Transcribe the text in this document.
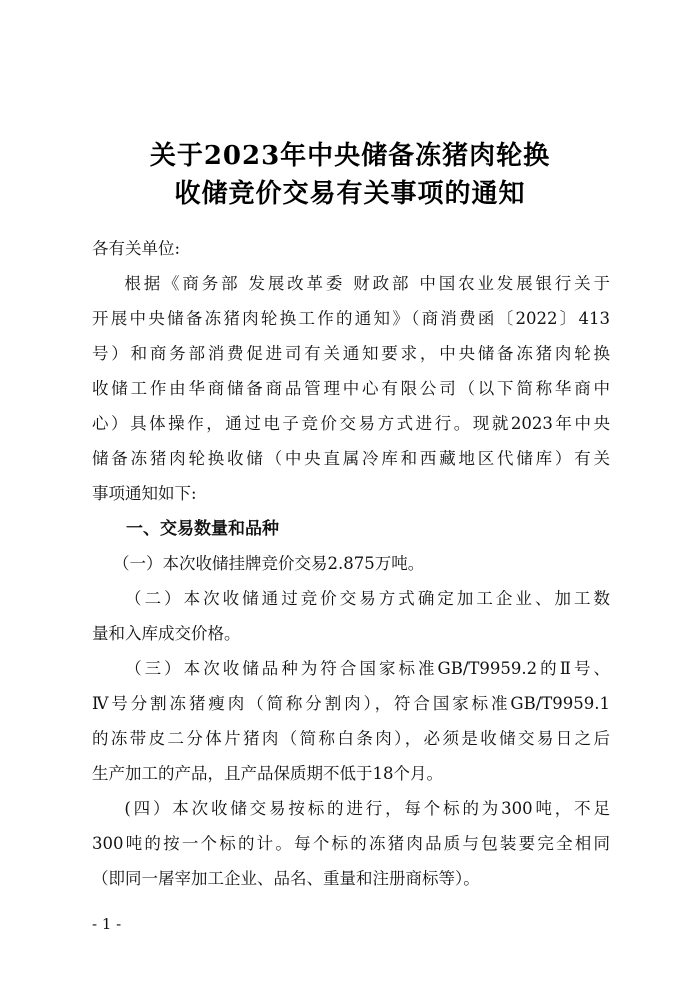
关于2023年中央储备冻猪肉轮换
收储竞价交易有关事项的通知
各有关单位:
根据《商务部 发展改革委 财政部 中国农业发展银行关于
开展中央储备冻猪肉轮换工作的通知》（商消费函〔2022〕413
号）和商务部消费促进司有关通知要求，中央储备冻猪肉轮换
收储工作由华商储备商品管理中心有限公司（以下简称华商中
心）具体操作，通过电子竞价交易方式进行。现就2023年中央
储备冻猪肉轮换收储（中央直属冷库和西藏地区代储库）有关
事项通知如下:
一、交易数量和品种
（一）本次收储挂牌竞价交易2.875万吨。
（二）本次收储通过竞价交易方式确定加工企业、加工数
量和入库成交价格。
（三）本次收储品种为符合国家标准GB/T9959.2的Ⅱ号、
Ⅳ号分割冻猪瘦肉（简称分割肉），符合国家标准GB/T9959.1
的冻带皮二分体片猪肉（简称白条肉），必须是收储交易日之后
生产加工的产品，且产品保质期不低于18个月。
(四）本次收储交易按标的进行，每个标的为300吨，不足
300吨的按一个标的计。每个标的冻猪肉品质与包装要完全相同
（即同一屠宰加工企业、品名、重量和注册商标等）。
- 1 -
